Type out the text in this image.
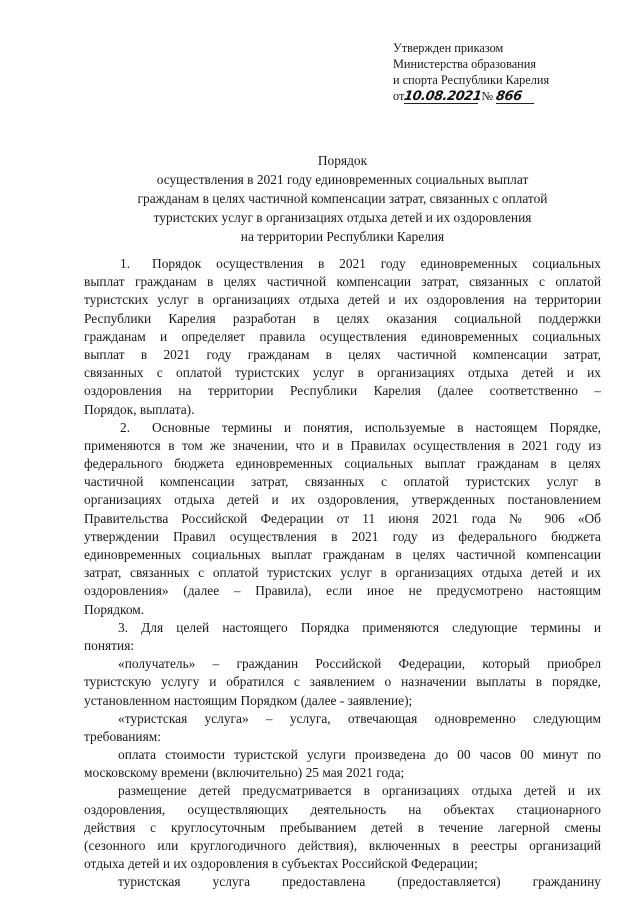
Утвержден приказом
Министерства образования
и спорта Республики Карелия
от10.08.2021 № 866
Порядок
осуществления в 2021 году единовременных социальных выплат
гражданам в целях частичной компенсации затрат, связанных с оплатой
туристских услуг в организациях отдыха детей и их оздоровления
на территории Республики Карелия
1. Порядок осуществления в 2021 году единовременных социальных
выплат гражданам в целях частичной компенсации затрат, связанных с оплатой
туристских услуг в организациях отдыха детей и их оздоровления на территории
Республики Карелия разработан в целях оказания социальной поддержки
гражданам и определяет правила осуществления единовременных социальных
выплат в 2021 году гражданам в целях частичной компенсации затрат,
связанных с оплатой туристских услуг в организациях отдыха детей и их
оздоровления на территории Республики Карелия (далее соответственно –
Порядок, выплата).
2. Основные термины и понятия, используемые в настоящем Порядке,
применяются в том же значении, что и в Правилах осуществления в 2021 году из
федерального бюджета единовременных социальных выплат гражданам в целях
частичной компенсации затрат, связанных с оплатой туристских услуг в
организациях отдыха детей и их оздоровления, утвержденных постановлением
Правительства Российской Федерации от 11 июня 2021 года № 906 «Об
утверждении Правил осуществления в 2021 году из федерального бюджета
единовременных социальных выплат гражданам в целях частичной компенсации
затрат, связанных с оплатой туристских услуг в организациях отдыха детей и их
оздоровления» (далее – Правила), если иное не предусмотрено настоящим
Порядком.
3. Для целей настоящего Порядка применяются следующие термины и
понятия:
«получатель» – гражданин Российской Федерации, который приобрел
туристскую услугу и обратился с заявлением о назначении выплаты в порядке,
установленном настоящим Порядком (далее - заявление);
«туристская услуга» – услуга, отвечающая одновременно следующим
требованиям:
оплата стоимости туристской услуги произведена до 00 часов 00 минут по
московскому времени (включительно) 25 мая 2021 года;
размещение детей предусматривается в организациях отдыха детей и их
оздоровления, осуществляющих деятельность на объектах стационарного
действия с круглосуточным пребыванием детей в течение лагерной смены
(сезонного или круглогодичного действия), включенных в реестры организаций
отдыха детей и их оздоровления в субъектах Российской Федерации;
туристская услуга предоставлена (предоставляется) гражданину
